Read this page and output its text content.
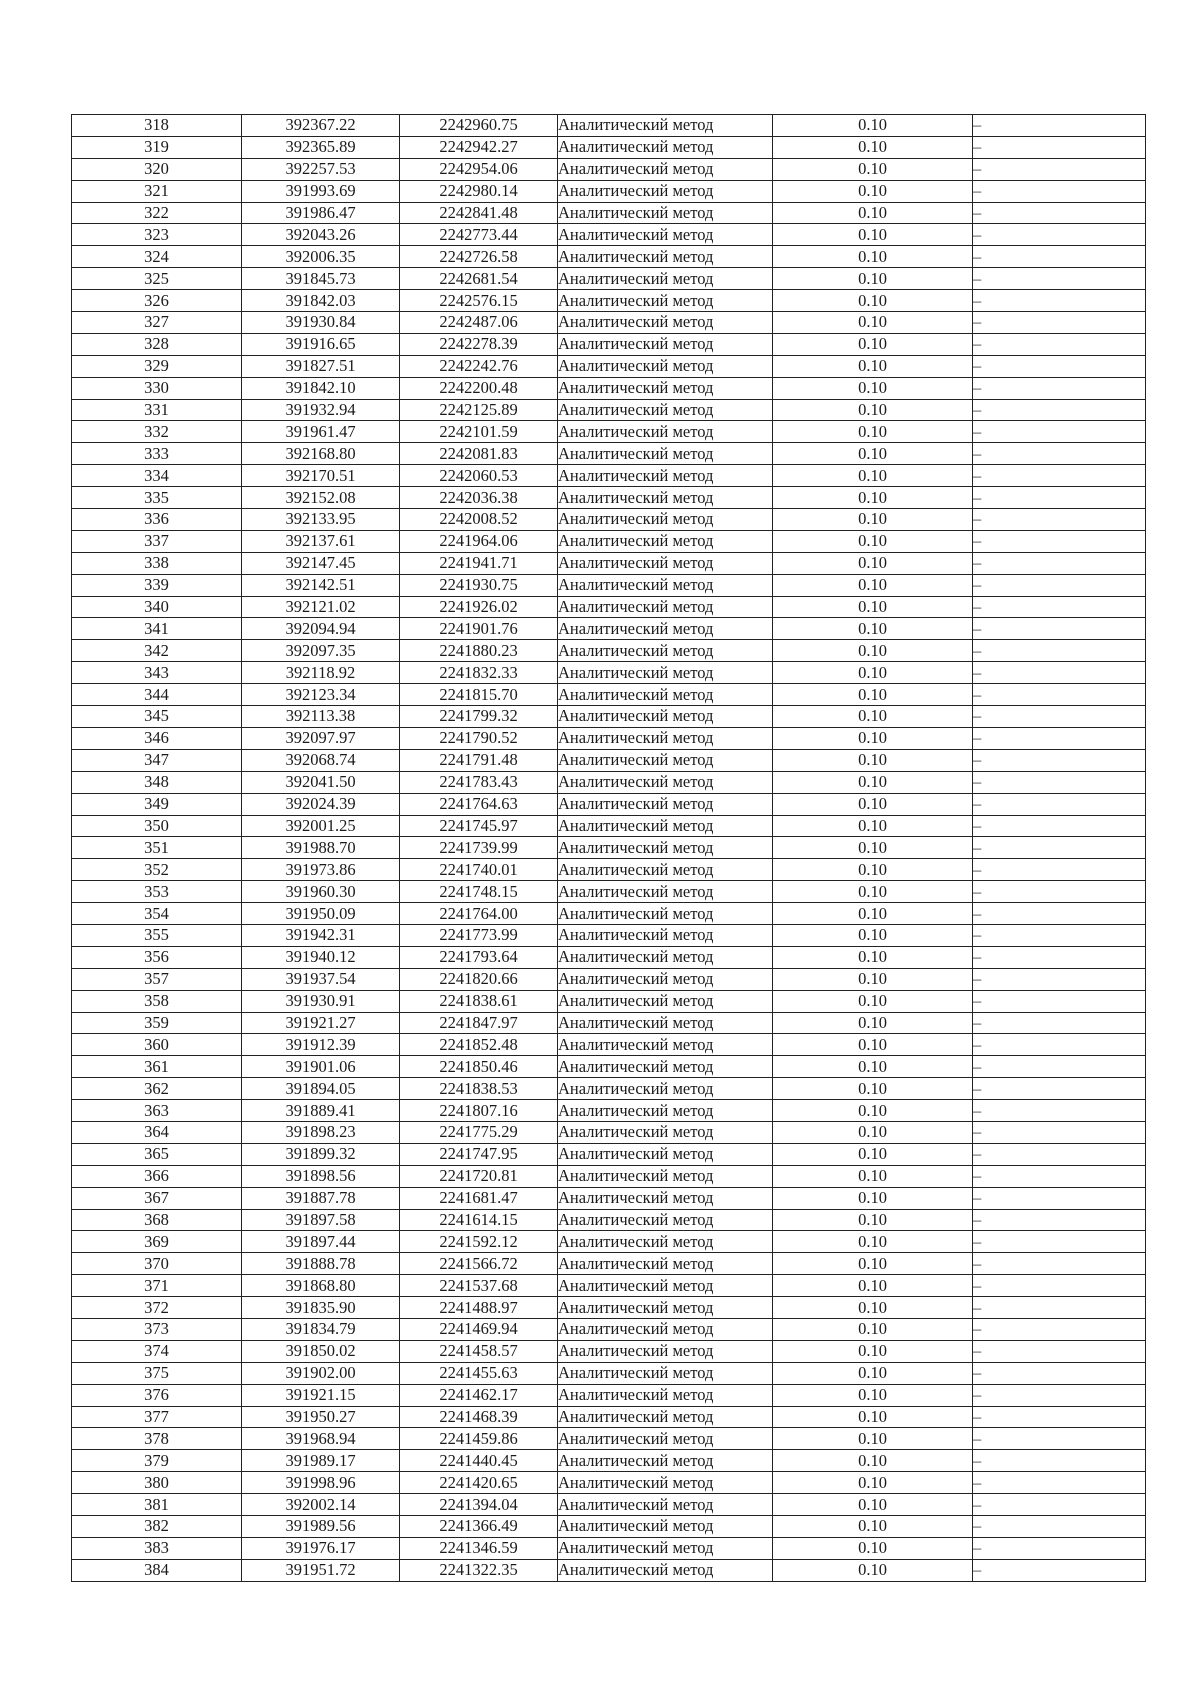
318	392367.22	2242960.75	Аналитический метод	0.10	–
319	392365.89	2242942.27	Аналитический метод	0.10	–
320	392257.53	2242954.06	Аналитический метод	0.10	–
321	391993.69	2242980.14	Аналитический метод	0.10	–
322	391986.47	2242841.48	Аналитический метод	0.10	–
323	392043.26	2242773.44	Аналитический метод	0.10	–
324	392006.35	2242726.58	Аналитический метод	0.10	–
325	391845.73	2242681.54	Аналитический метод	0.10	–
326	391842.03	2242576.15	Аналитический метод	0.10	–
327	391930.84	2242487.06	Аналитический метод	0.10	–
328	391916.65	2242278.39	Аналитический метод	0.10	–
329	391827.51	2242242.76	Аналитический метод	0.10	–
330	391842.10	2242200.48	Аналитический метод	0.10	–
331	391932.94	2242125.89	Аналитический метод	0.10	–
332	391961.47	2242101.59	Аналитический метод	0.10	–
333	392168.80	2242081.83	Аналитический метод	0.10	–
334	392170.51	2242060.53	Аналитический метод	0.10	–
335	392152.08	2242036.38	Аналитический метод	0.10	–
336	392133.95	2242008.52	Аналитический метод	0.10	–
337	392137.61	2241964.06	Аналитический метод	0.10	–
338	392147.45	2241941.71	Аналитический метод	0.10	–
339	392142.51	2241930.75	Аналитический метод	0.10	–
340	392121.02	2241926.02	Аналитический метод	0.10	–
341	392094.94	2241901.76	Аналитический метод	0.10	–
342	392097.35	2241880.23	Аналитический метод	0.10	–
343	392118.92	2241832.33	Аналитический метод	0.10	–
344	392123.34	2241815.70	Аналитический метод	0.10	–
345	392113.38	2241799.32	Аналитический метод	0.10	–
346	392097.97	2241790.52	Аналитический метод	0.10	–
347	392068.74	2241791.48	Аналитический метод	0.10	–
348	392041.50	2241783.43	Аналитический метод	0.10	–
349	392024.39	2241764.63	Аналитический метод	0.10	–
350	392001.25	2241745.97	Аналитический метод	0.10	–
351	391988.70	2241739.99	Аналитический метод	0.10	–
352	391973.86	2241740.01	Аналитический метод	0.10	–
353	391960.30	2241748.15	Аналитический метод	0.10	–
354	391950.09	2241764.00	Аналитический метод	0.10	–
355	391942.31	2241773.99	Аналитический метод	0.10	–
356	391940.12	2241793.64	Аналитический метод	0.10	–
357	391937.54	2241820.66	Аналитический метод	0.10	–
358	391930.91	2241838.61	Аналитический метод	0.10	–
359	391921.27	2241847.97	Аналитический метод	0.10	–
360	391912.39	2241852.48	Аналитический метод	0.10	–
361	391901.06	2241850.46	Аналитический метод	0.10	–
362	391894.05	2241838.53	Аналитический метод	0.10	–
363	391889.41	2241807.16	Аналитический метод	0.10	–
364	391898.23	2241775.29	Аналитический метод	0.10	–
365	391899.32	2241747.95	Аналитический метод	0.10	–
366	391898.56	2241720.81	Аналитический метод	0.10	–
367	391887.78	2241681.47	Аналитический метод	0.10	–
368	391897.58	2241614.15	Аналитический метод	0.10	–
369	391897.44	2241592.12	Аналитический метод	0.10	–
370	391888.78	2241566.72	Аналитический метод	0.10	–
371	391868.80	2241537.68	Аналитический метод	0.10	–
372	391835.90	2241488.97	Аналитический метод	0.10	–
373	391834.79	2241469.94	Аналитический метод	0.10	–
374	391850.02	2241458.57	Аналитический метод	0.10	–
375	391902.00	2241455.63	Аналитический метод	0.10	–
376	391921.15	2241462.17	Аналитический метод	0.10	–
377	391950.27	2241468.39	Аналитический метод	0.10	–
378	391968.94	2241459.86	Аналитический метод	0.10	–
379	391989.17	2241440.45	Аналитический метод	0.10	–
380	391998.96	2241420.65	Аналитический метод	0.10	–
381	392002.14	2241394.04	Аналитический метод	0.10	–
382	391989.56	2241366.49	Аналитический метод	0.10	–
383	391976.17	2241346.59	Аналитический метод	0.10	–
384	391951.72	2241322.35	Аналитический метод	0.10	–
